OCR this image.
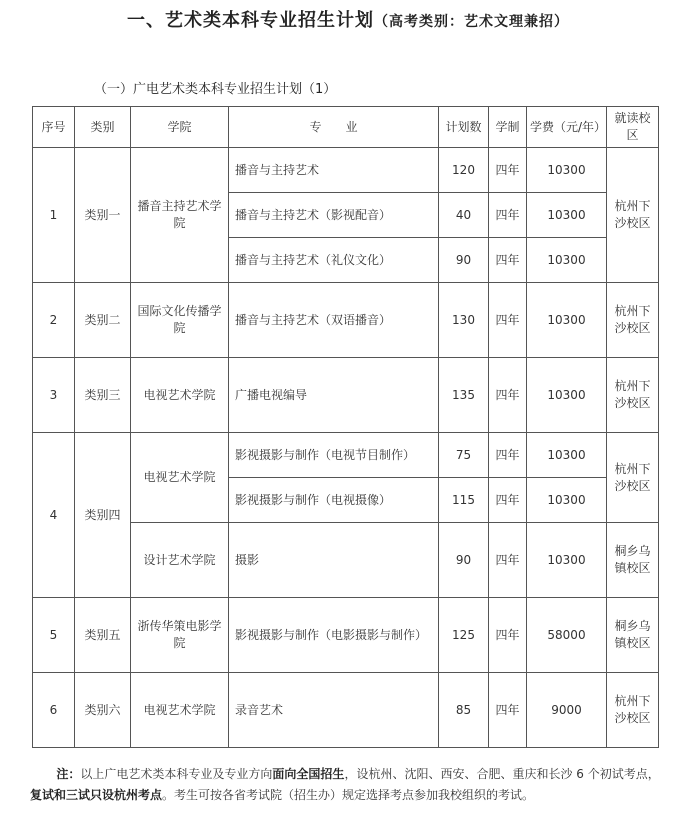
一、艺术类本科专业招生计划（高考类别：艺术文理兼招）
（一）广电艺术类本科专业招生计划（1）
序号	类别	学院	专　　业	计划数	学制	学费（元/年）	就读校区
1	类别一	播音主持艺术学院	播音与主持艺术	120	四年	10300	杭州下沙校区
			播音与主持艺术（影视配音）	40	四年	10300	
			播音与主持艺术（礼仪文化）	90	四年	10300	
2	类别二	国际文化传播学院	播音与主持艺术（双语播音）	130	四年	10300	杭州下沙校区
3	类别三	电视艺术学院	广播电视编导	135	四年	10300	杭州下沙校区
4	类别四	电视艺术学院	影视摄影与制作（电视节目制作）	75	四年	10300	杭州下沙校区
			影视摄影与制作（电视摄像）	115	四年	10300	
		设计艺术学院	摄影	90	四年	10300	桐乡乌镇校区
5	类别五	浙传华策电影学院	影视摄影与制作（电影摄影与制作）	125	四年	58000	桐乡乌镇校区
6	类别六	电视艺术学院	录音艺术	85	四年	9000	杭州下沙校区
注：以上广电艺术类本科专业及专业方向面向全国招生，设杭州、沈阳、西安、合肥、重庆和长沙 6 个初试考点，复试和三试只设杭州考点。考生可按各省考试院（招生办）规定选择考点参加我校组织的考试。
